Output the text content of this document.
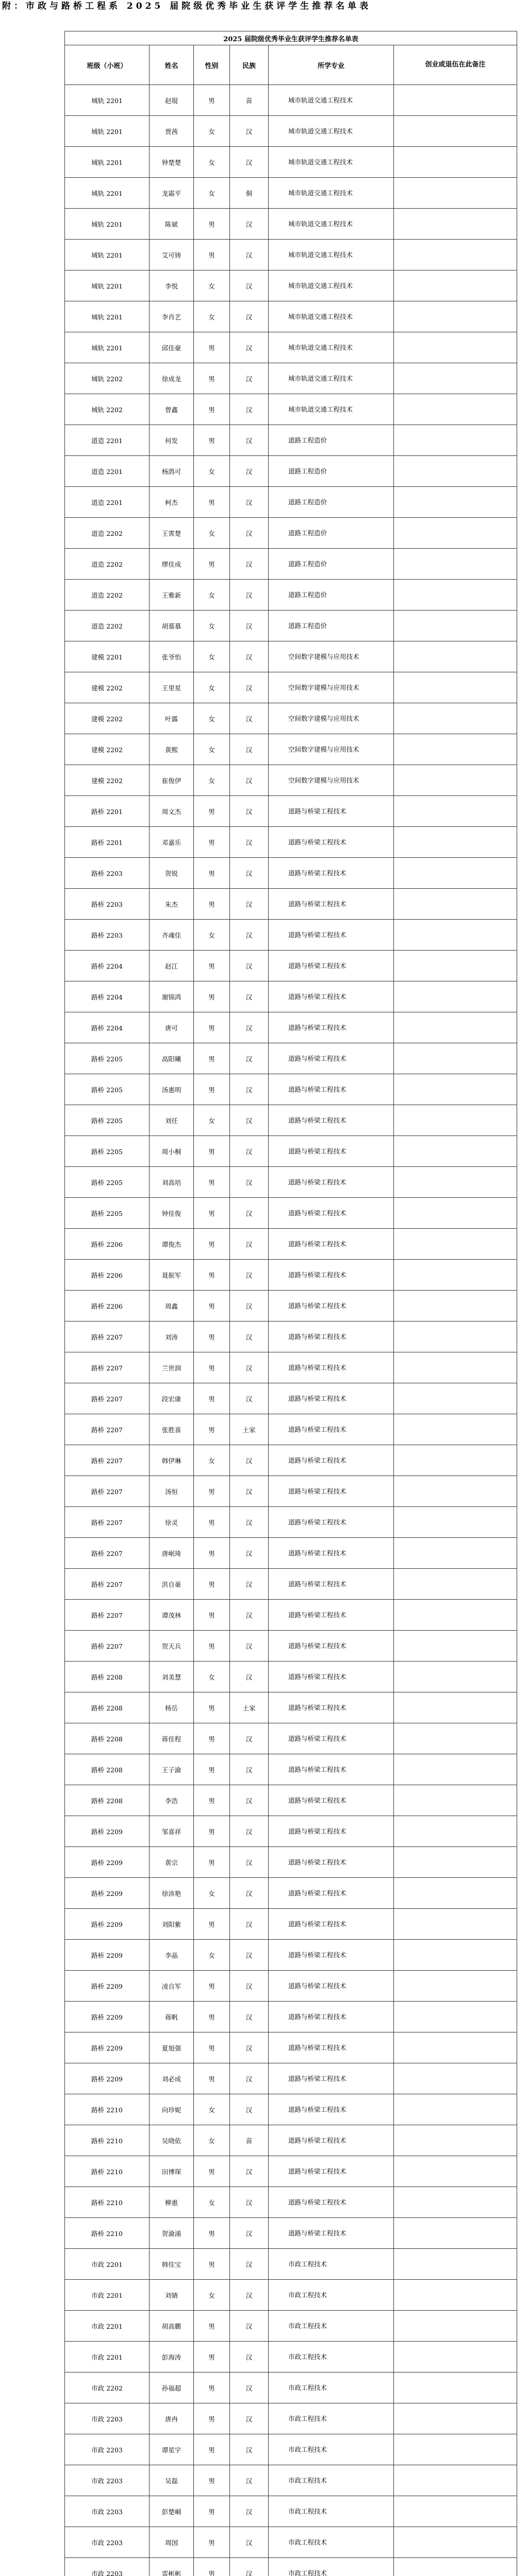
附：市政与路桥工程系 2025 届院级优秀毕业生获评学生推荐名单表
2025 届院级优秀毕业生获评学生推荐名单表					
班级（小班）	姓名	性别	民族	所学专业	创业或退伍在此备注
城轨 2201	赵琨	男	苗	城市轨道交通工程技术	
城轨 2201	贾茜	女	汉	城市轨道交通工程技术	
城轨 2201	钟楚楚	女	汉	城市轨道交通工程技术	
城轨 2201	龙霜平	女	侗	城市轨道交通工程技术	
城轨 2201	陈斌	男	汉	城市轨道交通工程技术	
城轨 2201	艾可铸	男	汉	城市轨道交通工程技术	
城轨 2201	李悦	女	汉	城市轨道交通工程技术	
城轨 2201	李肖艺	女	汉	城市轨道交通工程技术	
城轨 2201	邱佳豪	男	汉	城市轨道交通工程技术	
城轨 2202	徐成龙	男	汉	城市轨道交通工程技术	
城轨 2202	曾鑫	男	汉	城市轨道交通工程技术	
道造 2201	何发	男	汉	道路工程造价	
道造 2201	杨鸽可	女	汉	道路工程造价	
道造 2201	柯杰	男	汉	道路工程造价	
道造 2202	王霄楚	女	汉	道路工程造价	
道造 2202	缪佳成	男	汉	道路工程造价	
道造 2202	王雅新	女	汉	道路工程造价	
道造 2202	胡慕慕	女	汉	道路工程造价	
建模 2201	张爷怡	女	汉	空间数字建模与应用技术	
建模 2202	王里星	女	汉	空间数字建模与应用技术	
建模 2202	叶露	女	汉	空间数字建模与应用技术	
建模 2202	黄熙	女	汉	空间数字建模与应用技术	
建模 2202	崔俊伊	女	汉	空间数字建模与应用技术	
路桥 2201	周文杰	男	汉	道路与桥梁工程技术	
路桥 2201	邓嘉乐	男	汉	道路与桥梁工程技术	
路桥 2203	贺锐	男	汉	道路与桥梁工程技术	
路桥 2203	朱杰	男	汉	道路与桥梁工程技术	
路桥 2203	齐魂佳	女	汉	道路与桥梁工程技术	
路桥 2204	赵江	男	汉	道路与桥梁工程技术	
路桥 2204	谢锦鸿	男	汉	道路与桥梁工程技术	
路桥 2204	唐可	男	汉	道路与桥梁工程技术	
路桥 2205	高阳曦	男	汉	道路与桥梁工程技术	
路桥 2205	汤惠明	男	汉	道路与桥梁工程技术	
路桥 2205	刘任	女	汉	道路与桥梁工程技术	
路桥 2205	周小桐	男	汉	道路与桥梁工程技术	
路桥 2205	刘高培	男	汉	道路与桥梁工程技术	
路桥 2205	钟佳俊	男	汉	道路与桥梁工程技术	
路桥 2206	谭俊杰	男	汉	道路与桥梁工程技术	
路桥 2206	聂振军	男	汉	道路与桥梁工程技术	
路桥 2206	周鑫	男	汉	道路与桥梁工程技术	
路桥 2207	刘涛	男	汉	道路与桥梁工程技术	
路桥 2207	兰世润	男	汉	道路与桥梁工程技术	
路桥 2207	段宏康	男	汉	道路与桥梁工程技术	
路桥 2207	张胜喜	男	土家	道路与桥梁工程技术	
路桥 2207	韩伊琳	女	汉	道路与桥梁工程技术	
路桥 2207	汤恒	男	汉	道路与桥梁工程技术	
路桥 2207	徐灵	男	汉	道路与桥梁工程技术	
路桥 2207	唐岷琦	男	汉	道路与桥梁工程技术	
路桥 2207	洪自豪	男	汉	道路与桥梁工程技术	
路桥 2207	谭茂林	男	汉	道路与桥梁工程技术	
路桥 2207	贺天兵	男	汉	道路与桥梁工程技术	
路桥 2208	刘美慧	女	汉	道路与桥梁工程技术	
路桥 2208	杨岳	男	土家	道路与桥梁工程技术	
路桥 2208	蒋佳程	男	汉	道路与桥梁工程技术	
路桥 2208	王子渝	男	汉	道路与桥梁工程技术	
路桥 2208	李浩	男	汉	道路与桥梁工程技术	
路桥 2209	邹喜祥	男	汉	道路与桥梁工程技术	
路桥 2209	黄宗	男	汉	道路与桥梁工程技术	
路桥 2209	徐沛艳	女	汉	道路与桥梁工程技术	
路桥 2209	刘阳紫	男	汉	道路与桥梁工程技术	
路桥 2209	李晶	女	汉	道路与桥梁工程技术	
路桥 2209	凌自军	男	汉	道路与桥梁工程技术	
路桥 2209	蒋帆	男	汉	道路与桥梁工程技术	
路桥 2209	夏旭强	男	汉	道路与桥梁工程技术	
路桥 2209	刘必成	男	汉	道路与桥梁工程技术	
路桥 2210	向珍妮	女	汉	道路与桥梁工程技术	
路桥 2210	吴晓依	女	苗	道路与桥梁工程技术	
路桥 2210	田博琛	男	汉	道路与桥梁工程技术	
路桥 2210	柳惠	女	汉	道路与桥梁工程技术	
路桥 2210	贺渝浦	男	汉	道路与桥梁工程技术	
市政 2201	韩佳宝	男	汉	市政工程技术	
市政 2201	刘婧	女	汉	市政工程技术	
市政 2201	胡高鹏	男	汉	市政工程技术	
市政 2201	彭海涛	男	汉	市政工程技术	
市政 2202	孙福超	男	汉	市政工程技术	
市政 2203	唐冉	男	汉	市政工程技术	
市政 2203	谭星宇	男	汉	市政工程技术	
市政 2203	吴磊	男	汉	市政工程技术	
市政 2203	彭楚峒	男	汉	市政工程技术	
市政 2203	周国	男	汉	市政工程技术	
市政 2203	雷彬彬	男	汉	市政工程技术	
